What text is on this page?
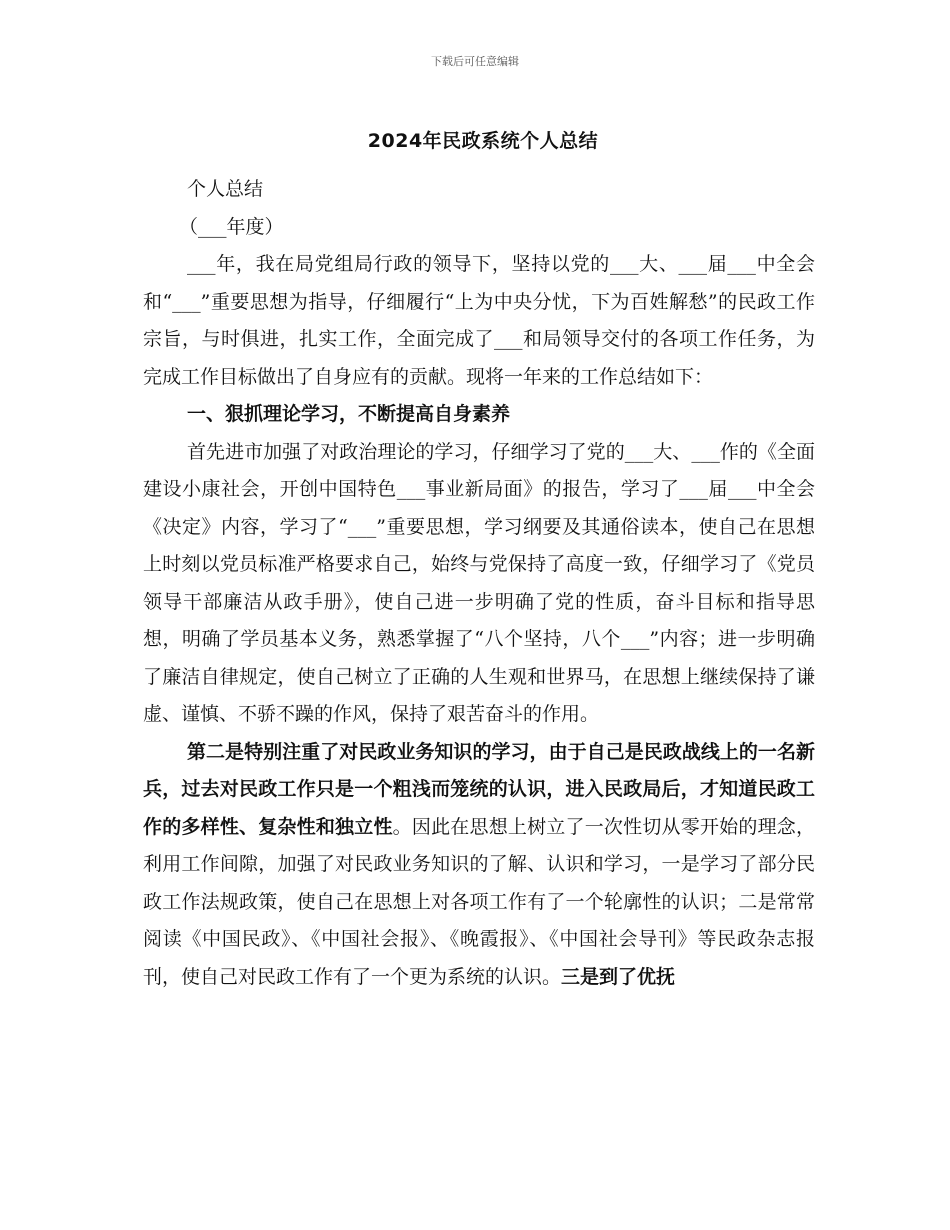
下载后可任意编辑
2024年民政系统个人总结

个人总结

（___年度）

___年，我在局党组局行政的领导下，坚持以党的___大、___届___中全会和“___”重要思想为指导，仔细履行“上为中央分忧，下为百姓解愁”的民政工作宗旨，与时俱进，扎实工作，全面完成了___和局领导交付的各项工作任务，为完成工作目标做出了自身应有的贡献。现将一年来的工作总结如下：

一、狠抓理论学习，不断提高自身素养

首先进市加强了对政治理论的学习，仔细学习了党的___大、___作的《全面建设小康社会，开创中国特色___事业新局面》的报告，学习了___届___中全会《决定》内容，学习了“___”重要思想，学习纲要及其通俗读本，使自己在思想上时刻以党员标准严格要求自己，始终与党保持了高度一致，仔细学习了《党员领导干部廉洁从政手册》，使自己进一步明确了党的性质，奋斗目标和指导思想，明确了学员基本义务，熟悉掌握了“八个坚持，八个___”内容；进一步明确了廉洁自律规定，使自己树立了正确的人生观和世界马，在思想上继续保持了谦虚、谨慎、不骄不躁的作风，保持了艰苦奋斗的作用。

第二是特别注重了对民政业务知识的学习，由于自己是民政战线上的一名新兵，过去对民政工作只是一个粗浅而笼统的认识，进入民政局后，才知道民政工作的多样性、复杂性和独立性。因此在思想上树立了一次性切从零开始的理念，利用工作间隙，加强了对民政业务知识的了解、认识和学习，一是学习了部分民政工作法规政策，使自己在思想上对各项工作有了一个轮廓性的认识；二是常常阅读《中国民政》、《中国社会报》、《晚霞报》、《中国社会导刊》等民政杂志报刊，使自己对民政工作有了一个更为系统的认识。三是到了优抚
